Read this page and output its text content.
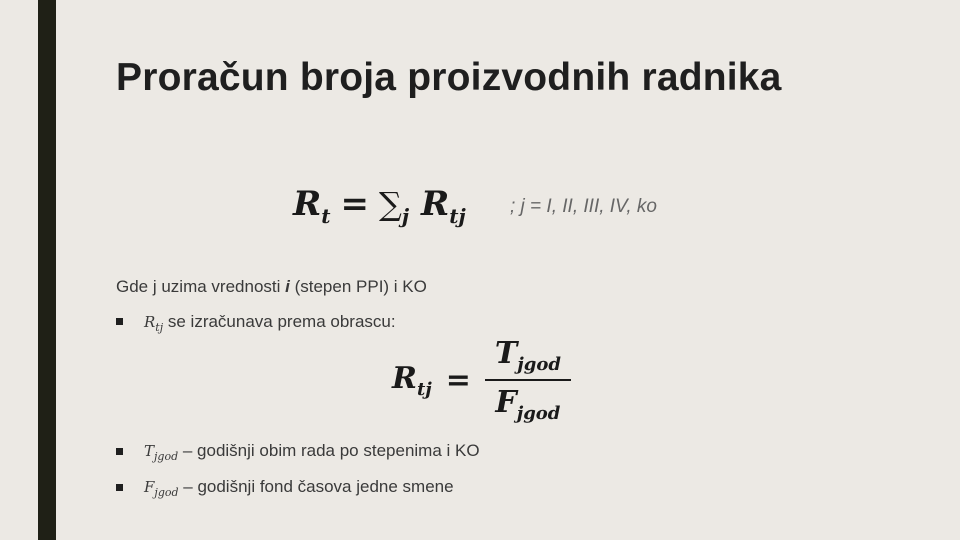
Proračun broja proizvodnih radnika
$R_t = \sum_j$ $R_{tj}$ ; j = I, II, III, IV, ko
Gde j uzima vrednosti i (stepen PPI) i KO
$R_{tj}$ se izračunava prema obrascu:
$R_{tj} = \frac{T_{jgod}}{F_{jgod}}$
$T_{jgod}$ – godišnji obim rada po stepenima i KO
$F_{jgod}$ – godišnji fond časova jedne smene
